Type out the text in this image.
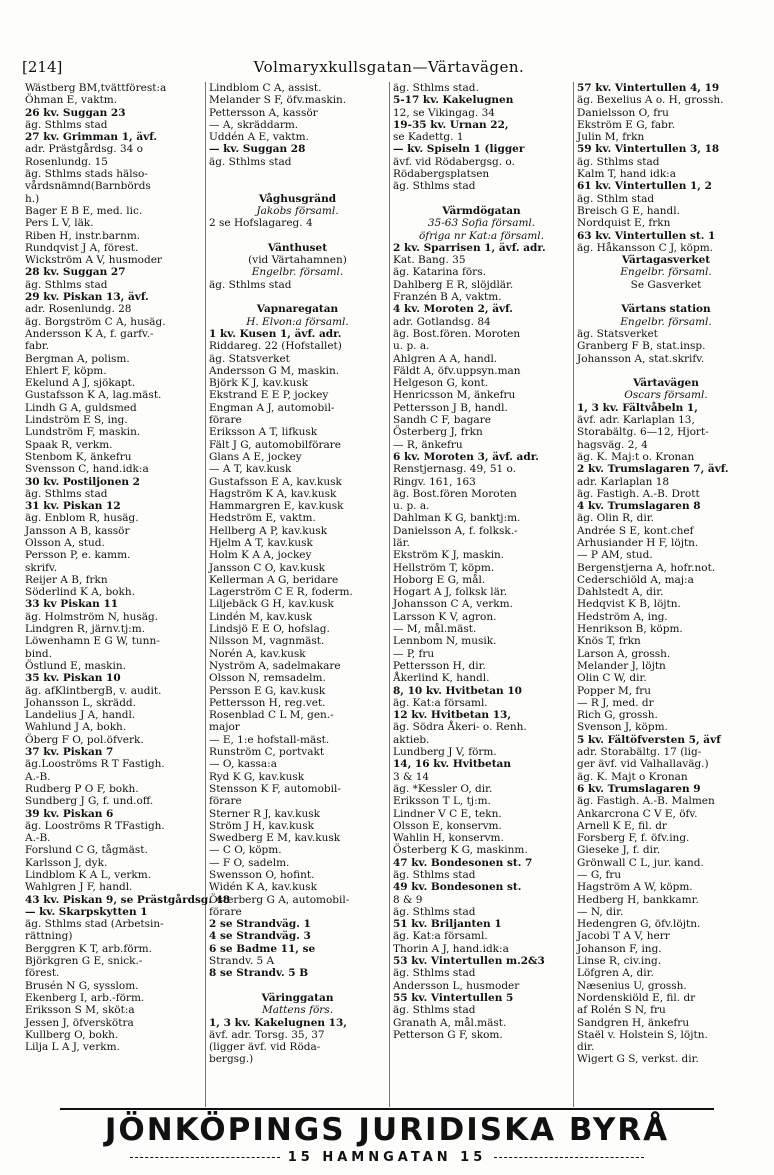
[214]	Volmaryxkullsgatan—Värtavägen.
Wästberg BM,tvättförest:a
Öhman E, vaktm.
26 kv. Suggan 23
äg. Sthlms stad
27 kv. Grimman 1, ävf.
adr. Prästgårdsg. 34 o
Rosenlundg. 15
äg. Sthlms stads hälso-
vårdsnämnd(Barnbörds
h.)
Bager E B E, med. lic.
Pers L V, läk.
Riben H, instr.barnm.
Rundqvist J A, förest.
Wickström A V, husmoder
28 kv. Suggan 27
äg. Sthlms stad
29 kv. Piskan 13, ävf.
adr. Rosenlundg. 28
äg. Borgström C A, husäg.
Andersson K A, f. garfv.-
fabr.
Bergman A, polism.
Ehlert F, köpm.
Ekelund A J, sjökapt.
Gustafsson K A, lag.mäst.
Lindh G A, guldsmed
Lindström E S, ing.
Lundström F, maskin.
Spaak R, verkm.
Stenbom K, änkefru
Svensson C, hand.idk:a
30 kv. Postiljonen 2
äg. Sthlms stad
31 kv. Piskan 12
äg. Enblom R, husäg.
Jansson A B, kassör
Olsson A, stud.
Persson P, e. kamm.
skrifv.
Reijer A B, frkn
Söderlind K A, bokh.
33 kv Piskan 11
äg. Holmström N, husäg.
Lindgren R, järnv.tj:m.
Löwenhamn E G W, tunn-
bind.
Östlund E, maskin.
35 kv. Piskan 10
äg. afKlintbergB, v. audit.
Johansson L, skrädd.
Landelius J A, handl.
Wahlund J A, bokh.
Öberg F O, pol.öfverk.
37 kv. Piskan 7
äg.Looströms R T Fastigh.
A.-B.
Rudberg P O F, bokh.
Sundberg J G, f. und.off.
39 kv. Piskan 6
äg. Looströms R TFastigh.
A.-B.
Forslund C G, tågmäst.
Karlsson J, dyk.
Lindblom K A L, verkm.
Wahlgren J F, handl.
43 kv. Piskan 9, se Prästgårdsg. 48
— kv. Skarpskytten 1
äg. Sthlms stad (Arbetsin-
rättning)
Berggren K T, arb.förm.
Björkgren G E, snick.-
förest.
Brusén N G, sysslom.
Ekenberg I, arb.-förm.
Eriksson S M, sköt:a
Jessen J, öfverskötra
Kullberg O, bokh.
Lilja L A J, verkm.
Lindblom C A, assist.
Melander S F, öfv.maskin.
Pettersson A, kassör
— A, skräddarm.
Uddén A E, vaktm.
— kv. Suggan 28
äg. Sthlms stad

Våghusgränd
Jakobs församl.
2 se Hofslagareg. 4

Vänthuset
(vid Värtahamnen)
Engelbr. församl.
äg. Sthlms stad

Vapnaregatan
H. Elvon:a församl.
1 kv. Kusen 1, ävf. adr.
Riddareg. 22 (Hofstallet)
äg. Statsverket
Andersson G M, maskin.
Björk K J, kav.kusk
Ekstrand E E P, jockey
Engman A J, automobil-
förare
Eriksson A T, lifkusk
Fält J G, automobilförare
Glans A E, jockey
— A T, kav.kusk
Gustafsson E A, kav.kusk
Hagström K A, kav.kusk
Hammargren E, kav.kusk
Hedström E, vaktm.
Hellberg A P, kav.kusk
Hjelm A T, kav.kusk
Holm K A A, jockey
Jansson C O, kav.kusk
Kellerman A G, beridare
Lagerström C E R, foderm.
Liljebäck G H, kav.kusk
Lindén M, kav.kusk
Lindsjö E E O, hofslag.
Nilsson M, vagnmäst.
Norén A, kav.kusk
Nyström A, sadelmakare
Olsson N, remsadelm.
Persson E G, kav.kusk
Pettersson H, reg.vet.
Rosenblad C L M, gen.-
major
— E, 1:e hofstall-mäst.
Runström C, portvakt
— O, kassa:a
Ryd K G, kav.kusk
Stensson K F, automobil-
förare
Sterner R J, kav.kusk
Ström J H, kav.kusk
Swedberg E M, kav.kusk
— C O, köpm.
— F O, sadelm.
Swensson O, hofint.
Widén K A, kav.kusk
Österberg G A, automobil-
förare
2 se Strandväg. 1
4 se Strandväg. 3
6 se Badme 11, se
Strandv. 5 A
8 se Strandv. 5 B

Väringgatan
Mattens förs.
1, 3 kv. Kakelugnen 13,
ävf. adr. Torsg. 35, 37
(ligger ävf. vid Röda-
bergsg.)
äg. Sthlms stad.
5-17 kv. Kakelugnen
12, se Vikingag. 34
19-35 kv. Urnan 22,
se Kadettg. 1
— kv. Spiseln 1 (ligger
ävf. vid Rödabergsg. o.
Rödabergsplatsen
äg. Sthlms stad

Värmdögatan
35-63 Sofia församl.
öfriga nr Kat:a församl.
2 kv. Sparrisen 1, ävf. adr.
Kat. Bang. 35
äg. Katarina förs.
Dahlberg E R, slöjdlär.
Franzén B A, vaktm.
4 kv. Moroten 2, ävf.
adr. Gotlandsg. 84
äg. Bost.fören. Moroten
u. p. a.
Ahlgren A A, handl.
Fäldt A, öfv.uppsyn.man
Helgeson G, kont.
Henricsson M, änkefru
Pettersson J B, handl.
Sandh C F, bagare
Österberg J, frkn
— R, änkefru
6 kv. Moroten 3, ävf. adr.
Renstjernasg. 49, 51 o.
Ringv. 161, 163
äg. Bost.fören Moroten
u. p. a.
Dahlman K G, banktj:m.
Danielsson A, f. folksk.-
lär.
Ekström K J, maskin.
Hellström T, köpm.
Hoborg E G, mål.
Hogart A J, folksk lär.
Johansson C A, verkm.
Larsson K V, agron.
— M, mål.mäst.
Lennbom N, musik.
— P, fru
Pettersson H, dir.
Åkerlind K, handl.
8, 10 kv. Hvitbetan 10
äg. Kat:a församl.
12 kv. Hvitbetan 13,
äg. Södra Åkeri- o. Renh.
aktieb.
Lundberg J V, förm.
14, 16 kv. Hvitbetan
3 & 14
äg. *Kessler O, dir.
Eriksson T L, tj:m.
Lindner V C E, tekn.
Olsson E, konservm.
Wahlin H, konservm.
Österberg K G, maskinm.
47 kv. Bondesonen st. 7
äg. Sthlms stad
49 kv. Bondesonen st.
8 & 9
äg. Sthlms stad
51 kv. Briljanten 1
äg. Kat:a församl.
Thorin A J, hand.idk:a
53 kv. Vintertullen m.2&3
äg. Sthlms stad
Andersson L, husmoder
55 kv. Vintertullen 5
äg. Sthlms stad
Granath A, mål.mäst.
Petterson G F, skom.
57 kv. Vintertullen 4, 19
äg. Bexelius A o. H, grossh.
Danielsson O, fru
Ekström E G, fabr.
Julin M, frkn
59 kv. Vintertullen 3, 18
äg. Sthlms stad
Kalm T, hand idk:a
61 kv. Vintertullen 1, 2
äg. Sthlm stad
Breisch G E, handl.
Nordquist E, frkn
63 kv. Vintertullen st. 1
äg. Håkansson C J, köpm.
Värtagasverket
Engelbr. församl.
Se Gasverket

Värtans station
Engelbr. församl.
äg. Statsverket
Granberg F B, stat.insp.
Johansson A, stat.skrifv.

Värtavägen
Oscars församl.
1, 3 kv. Fältvåbeln 1,
ävf. adr. Karlaplan 13,
Storabältg. 6—12, Hjort-
hagsväg. 2, 4
äg. K. Maj:t o. Kronan
2 kv. Trumslagaren 7, ävf.
adr. Karlaplan 18
äg. Fastigh. A.-B. Drott
4 kv. Trumslagaren 8
äg. Olin R, dir.
Andrée S E, kont.chef
Arhusiander H F, löjtn.
— P AM, stud.
Bergenstjerna A, hofr.not.
Cederschiöld A, maj:a
Dahlstedt A, dir.
Hedqvist K B, löjtn.
Hedström A, ing.
Henrikson B, köpm.
Knös T, frkn
Larson A, grossh.
Melander J, löjtn
Olin C W, dir.
Popper M, fru
— R J, med. dr
Rich G, grossh.
Svenson J, köpm.
5 kv. Fältöfversten 5, ävf
adr. Storabältg. 17 (lig-
ger ävf. vid Valhallaväg.)
äg. K. Majt o Kronan
6 kv. Trumslagaren 9
äg. Fastigh. A.-B. Malmen
Ankarcrona C V E, öfv.
Arnell K E, fil. dr
Forsberg F, f. öfv.ing.
Gieseke J, f. dir.
Grönwall C L, jur. kand.
— G, fru
Hagström A W, köpm.
Hedberg H, bankkamr.
— N, dir.
Hedengren G, öfv.löjtn.
Jacobi T A V, herr
Johanson F, ing.
Linse R, civ.ing.
Löfgren A, dir.
Næsenius U, grossh.
Nordenskiöld E, fil. dr
af Rolén S N, fru
Sandgren H, änkefru
Staël v. Holstein S, löjtn.
dir.
Wigert G S, verkst. dir.
JÖNKÖPINGS JURIDISKA BYRÅ
15 HAMNGATAN 15
